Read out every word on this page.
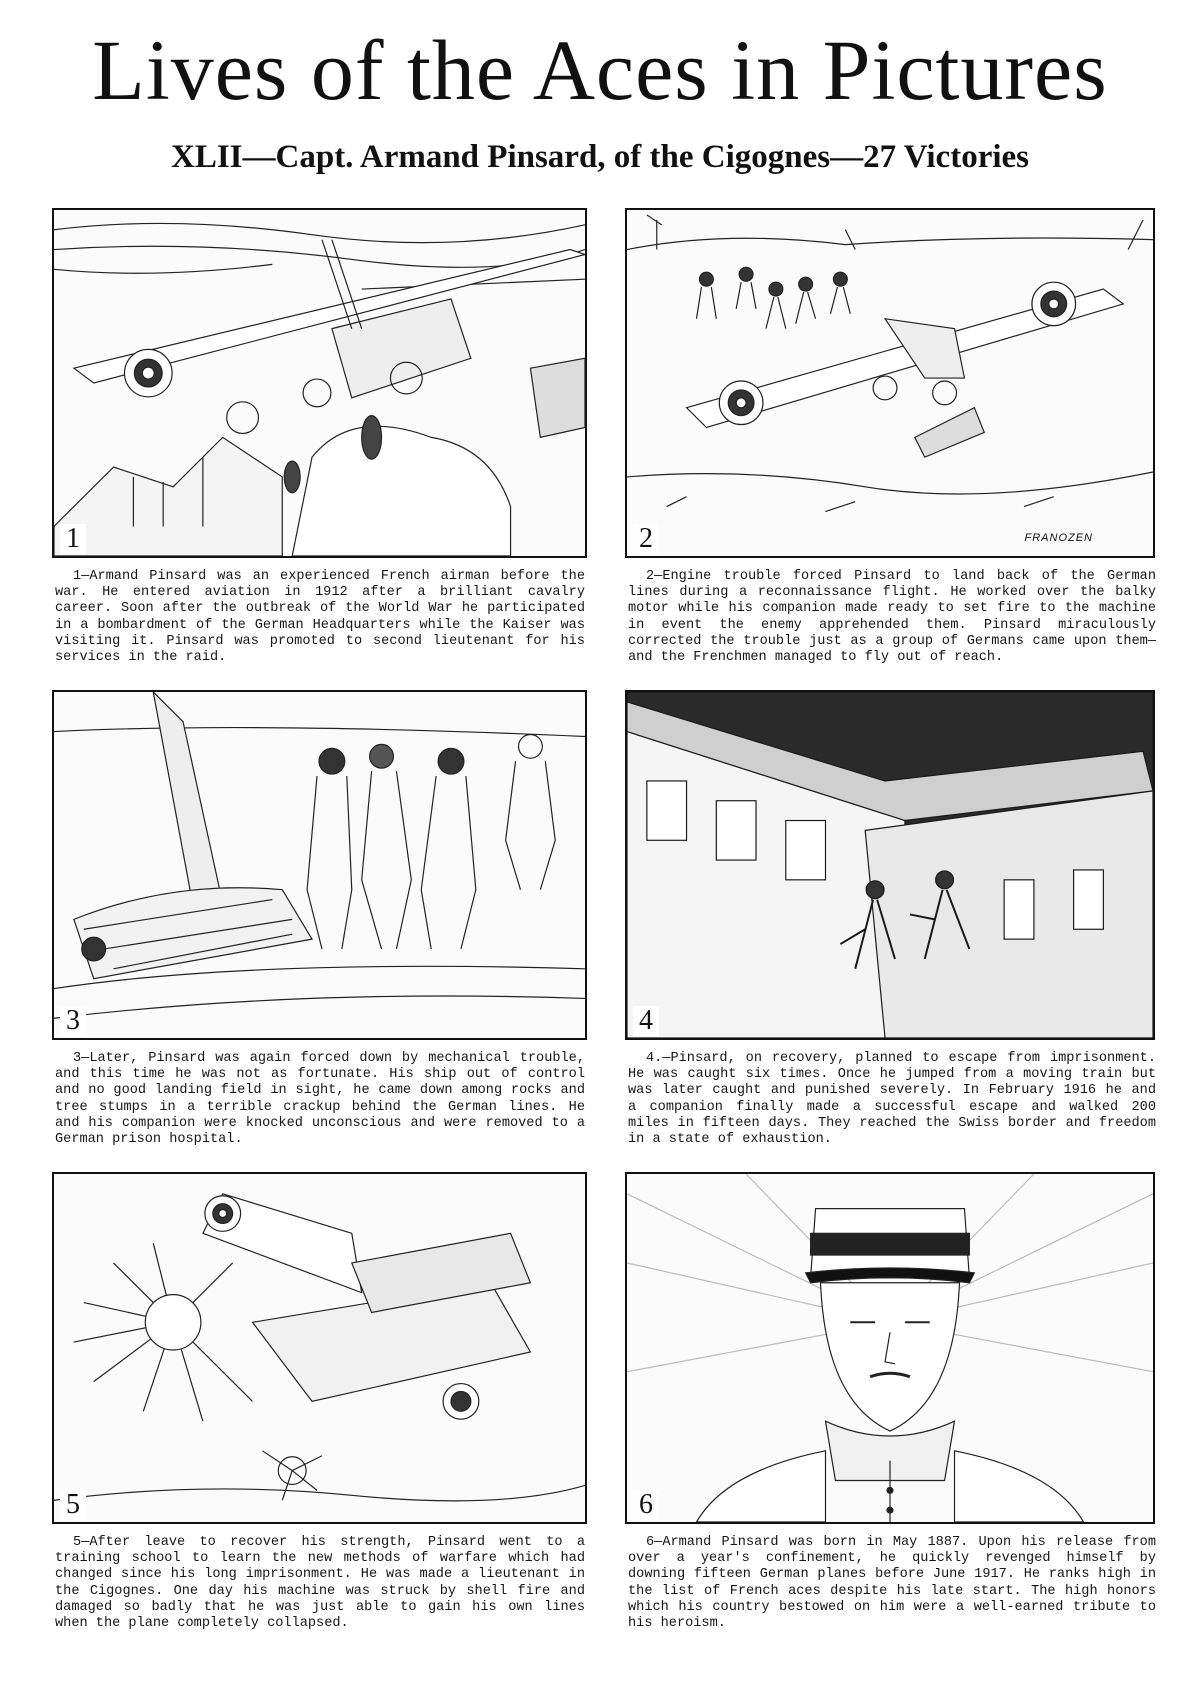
Lives of the Aces in Pictures
XLII—Capt. Armand Pinsard, of the Cigognes—27 Victories
1

1—Armand Pinsard was an experienced French airman before the war. He entered aviation in 1912 after a brilliant cavalry career. Soon after the outbreak of the World War he participated in a bombardment of the German Headquarters while the Kaiser was visiting it. Pinsard was promoted to second lieutenant for his services in the raid.

2	FRANOZEN

2—Engine trouble forced Pinsard to land back of the German lines during a reconnaissance flight. He worked over the balky motor while his companion made ready to set fire to the machine in event the enemy apprehended them. Pinsard miraculously corrected the trouble just as a group of Germans came upon them—and the Frenchmen managed to fly out of reach.

3

3—Later, Pinsard was again forced down by mechanical trouble, and this time he was not as fortunate. His ship out of control and no good landing field in sight, he came down among rocks and tree stumps in a terrible crackup behind the German lines. He and his companion were knocked unconscious and were removed to a German prison hospital.

4

4.—Pinsard, on recovery, planned to escape from imprisonment. He was caught six times. Once he jumped from a moving train but was later caught and punished severely. In February 1916 he and a companion finally made a successful escape and walked 200 miles in fifteen days. They reached the Swiss border and freedom in a state of exhaustion.

5

5—After leave to recover his strength, Pinsard went to a training school to learn the new methods of warfare which had changed since his long imprisonment. He was made a lieutenant in the Cigognes. One day his machine was struck by shell fire and damaged so badly that he was just able to gain his own lines when the plane completely collapsed.

6

6—Armand Pinsard was born in May 1887. Upon his release from over a year's confinement, he quickly revenged himself by downing fifteen German planes before June 1917. He ranks high in the list of French aces despite his late start. The high honors which his country bestowed on him were a well-earned tribute to his heroism.
